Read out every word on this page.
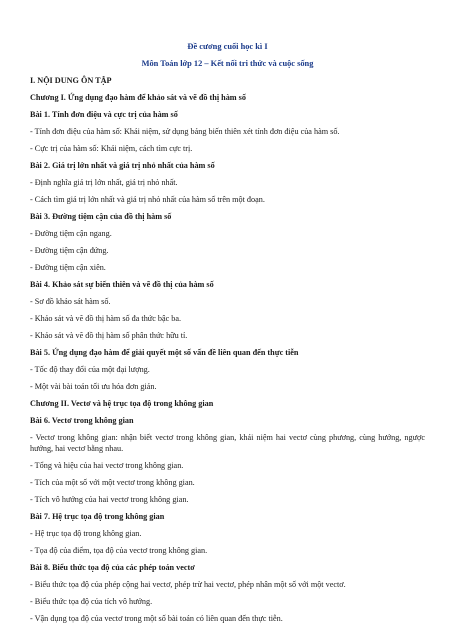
Đề cương cuối học kì I

Môn Toán lớp 12 – Kết nối tri thức và cuộc sống

I. NỘI DUNG ÔN TẬP

Chương I. Ứng dụng đạo hàm để khảo sát và vẽ đồ thị hàm số

Bài 1. Tính đơn điệu và cực trị của hàm số

- Tính đơn điệu của hàm số: Khái niệm, sử dụng bảng biến thiên xét tính đơn điệu của hàm số.

- Cực trị của hàm số: Khái niệm, cách tìm cực trị.

Bài 2. Giá trị lớn nhất và giá trị nhỏ nhất của hàm số

- Định nghĩa giá trị lớn nhất, giá trị nhỏ nhất.

- Cách tìm giá trị lớn nhất và giá trị nhỏ nhất của hàm số trên một đoạn.

Bài 3. Đường tiệm cận của đồ thị hàm số

- Đường tiệm cận ngang.

- Đường tiệm cận đứng.

- Đường tiệm cận xiên.

Bài 4. Khảo sát sự biến thiên và vẽ đồ thị của hàm số

- Sơ đồ khảo sát hàm số.

- Khảo sát và vẽ đồ thị hàm số đa thức bậc ba.

- Khảo sát và vẽ đồ thị hàm số phân thức hữu tỉ.

Bài 5. Ứng dụng đạo hàm để giải quyết một số vấn đề liên quan đến thực tiễn

- Tốc độ thay đổi của một đại lượng.

- Một vài bài toán tối ưu hóa đơn giản.

Chương II. Vectơ và hệ trục tọa độ trong không gian

Bài 6. Vectơ trong không gian

- Vectơ trong không gian: nhận biết vectơ trong không gian, khái niệm hai vectơ cùng phương, cùng hướng, ngược hướng, hai vectơ bằng nhau.

- Tổng và hiệu của hai vectơ trong không gian.

- Tích của một số với một vectơ trong không gian.

- Tích vô hướng của hai vectơ trong không gian.

Bài 7. Hệ trục tọa độ trong không gian

- Hệ trục tọa độ trong không gian.

- Tọa độ của điểm, tọa độ của vectơ trong không gian.

Bài 8. Biểu thức tọa độ của các phép toán vectơ

- Biểu thức tọa độ của phép cộng hai vectơ, phép trừ hai vectơ, phép nhân một số với một vectơ.

- Biểu thức tọa độ của tích vô hướng.

- Vận dụng tọa độ của vectơ trong một số bài toán có liên quan đến thực tiễn.
